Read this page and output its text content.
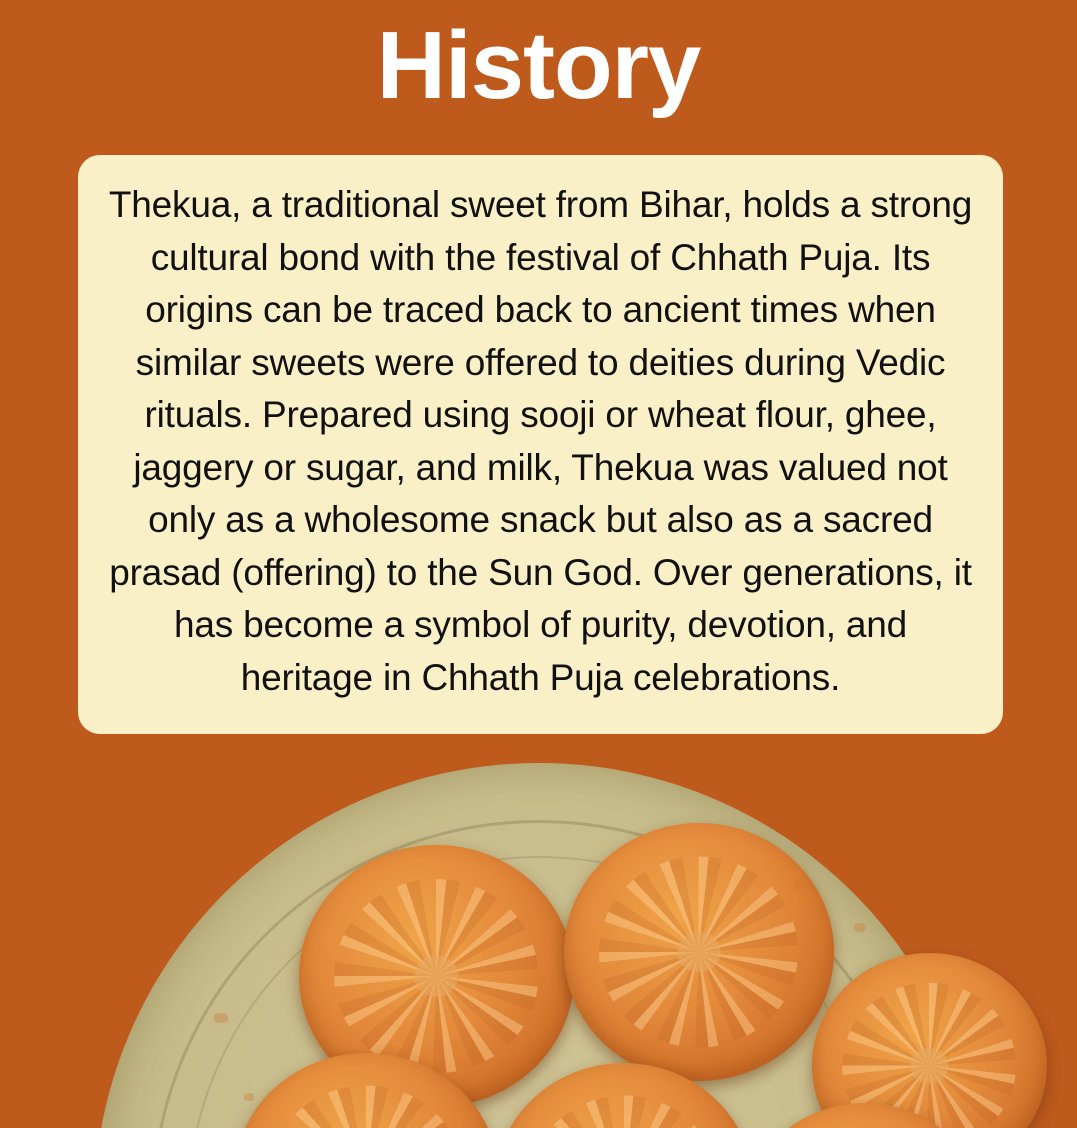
History

Thekua, a traditional sweet from Bihar, holds a strong cultural bond with the festival of Chhath Puja. Its origins can be traced back to ancient times when similar sweets were offered to deities during Vedic rituals. Prepared using sooji or wheat flour, ghee, jaggery or sugar, and milk, Thekua was valued not only as a wholesome snack but also as a sacred prasad (offering) to the Sun God. Over generations, it has become a symbol of purity, devotion, and heritage in Chhath Puja celebrations.
